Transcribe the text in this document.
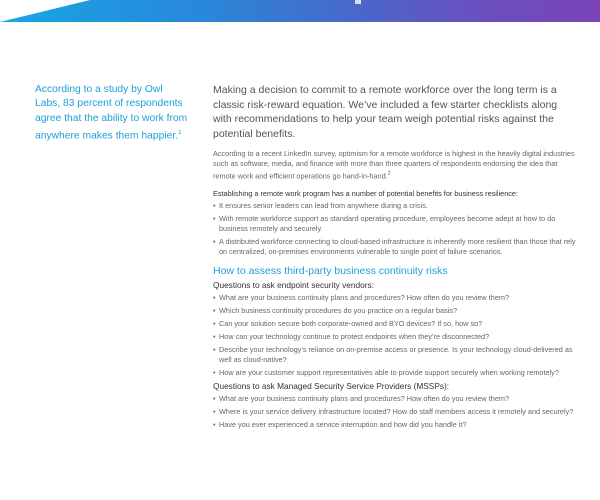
According to a study by Owl Labs, 83 percent of respondents agree that the ability to work from anywhere makes them happier.$^1$

Making a decision to commit to a remote workforce over the long term is a classic risk-reward equation. We’ve included a few starter checklists along with recommendations to help your team weigh potential risks against the potential benefits.

According to a recent LinkedIn survey, optimism for a remote workforce is highest in the heavily digital industries such as software, media, and finance with more than three quarters of respondents endorsing the idea that remote work and efficient operations go hand-in-hand.$^2$

Establishing a remote work program has a number of potential benefits for business resilience:

• It ensures senior leaders can lead from anywhere during a crisis.
• With remote workforce support as standard operating procedure, employees become adept at how to do business remotely and securely.
• A distributed workforce connecting to cloud-based infrastructure is inherently more resilient than those that rely on centralized, on-premises environments vulnerable to single point of failure scenarios.
How to assess third-party business continuity risks
Questions to ask endpoint security vendors:
• What are your business continuity plans and procedures? How often do you review them?
• Which business continuity procedures do you practice on a regular basis?
• Can your solution secure both corporate-owned and BYO devices? If so, how so?
• How can your technology continue to protect endpoints when they’re disconnected?
• Describe your technology’s reliance on on-premise access or presence. Is your technology cloud-delivered as well as cloud-native?
• How are your customer support representatives able to provide support securely when working remotely?
Questions to ask Managed Security Service Providers (MSSPs):
• What are your business continuity plans and procedures? How often do you review them?
• Where is your service delivery infrastructure located? How do staff members access it remotely and securely?
• Have you ever experienced a service interruption and how did you handle it?
